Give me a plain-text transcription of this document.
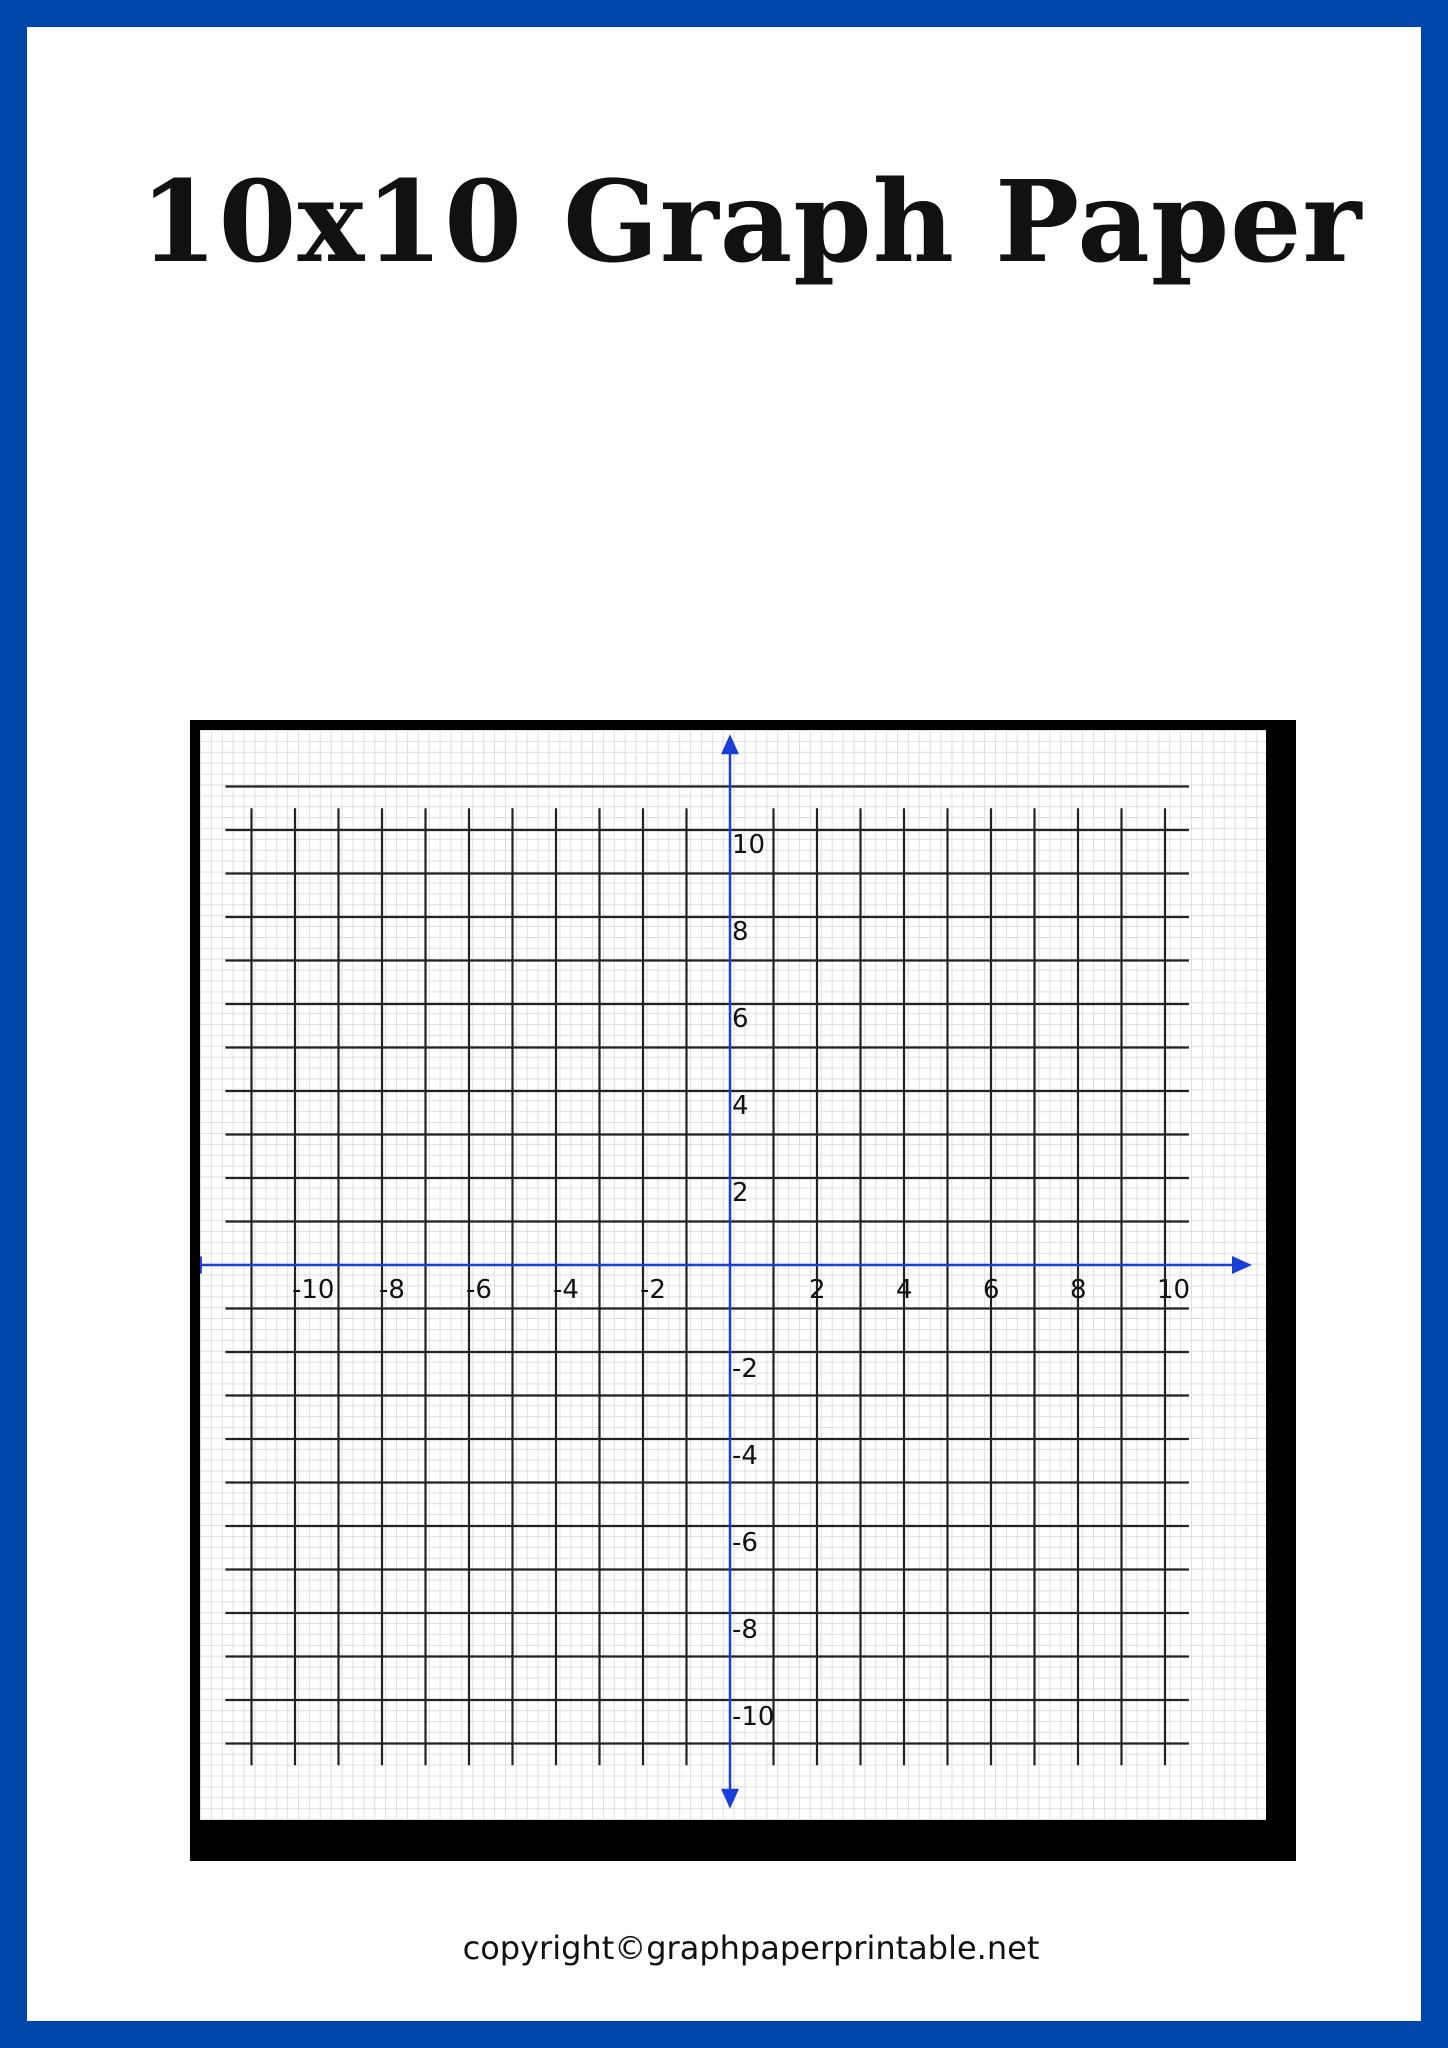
10x10 Graph Paper
-10 -8 -6 -4 -2	2	4	6	8	10
10
8
6
4
2
-2
-4
-6
-8
-10

copyright©graphpaperprintable.net
